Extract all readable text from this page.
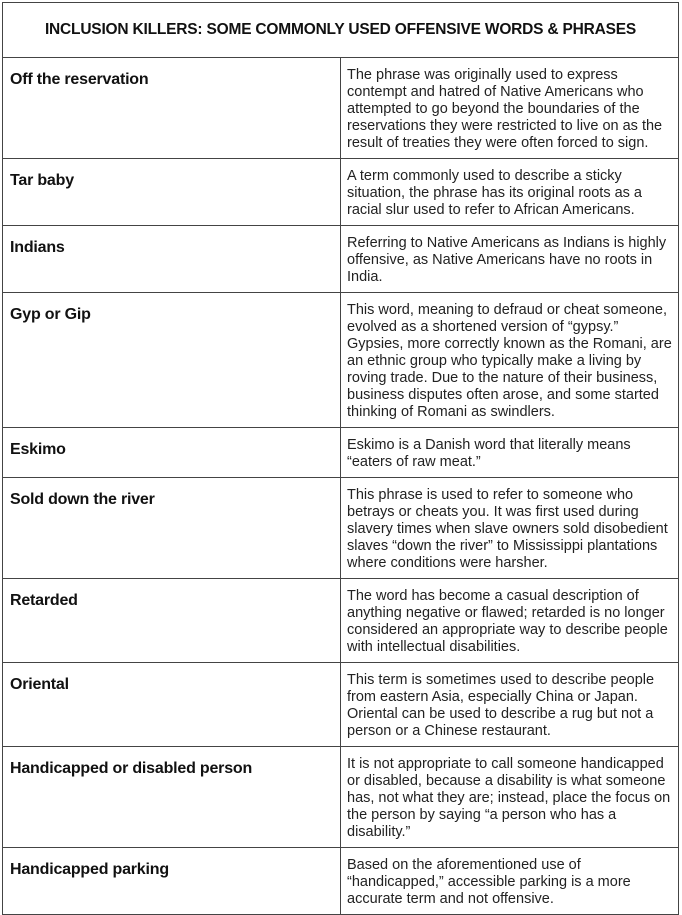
INCLUSION KILLERS: SOME COMMONLY USED OFFENSIVE WORDS & PHRASES	
Off the reservation	The phrase was originally used to express contempt and hatred of Native Americans who attempted to go beyond the boundaries of the reservations they were restricted to live on as the result of treaties they were often forced to sign.
Tar baby	A term commonly used to describe a sticky situation, the phrase has its original roots as a racial slur used to refer to African Americans.
Indians	Referring to Native Americans as Indians is highly offensive, as Native Americans have no roots in India.
Gyp or Gip	This word, meaning to defraud or cheat someone, evolved as a shortened version of “gypsy.” Gypsies, more correctly known as the Romani, are an ethnic group who typically make a living by roving trade. Due to the nature of their business, business disputes often arose, and some started thinking of Romani as swindlers.
Eskimo	Eskimo is a Danish word that literally means “eaters of raw meat.”
Sold down the river	This phrase is used to refer to someone who betrays or cheats you. It was first used during slavery times when slave owners sold disobedient slaves “down the river” to Mississippi plantations where conditions were harsher.
Retarded	The word has become a casual description of anything negative or flawed; retarded is no longer considered an appropriate way to describe people with intellectual disabilities.
Oriental	This term is sometimes used to describe people from eastern Asia, especially China or Japan. Oriental can be used to describe a rug but not a person or a Chinese restaurant.
Handicapped or disabled person	It is not appropriate to call someone handicapped or disabled, because a disability is what someone has, not what they are; instead, place the focus on the person by saying “a person who has a disability.”
Handicapped parking	Based on the aforementioned use of “handicapped,” accessible parking is a more accurate term and not offensive.
